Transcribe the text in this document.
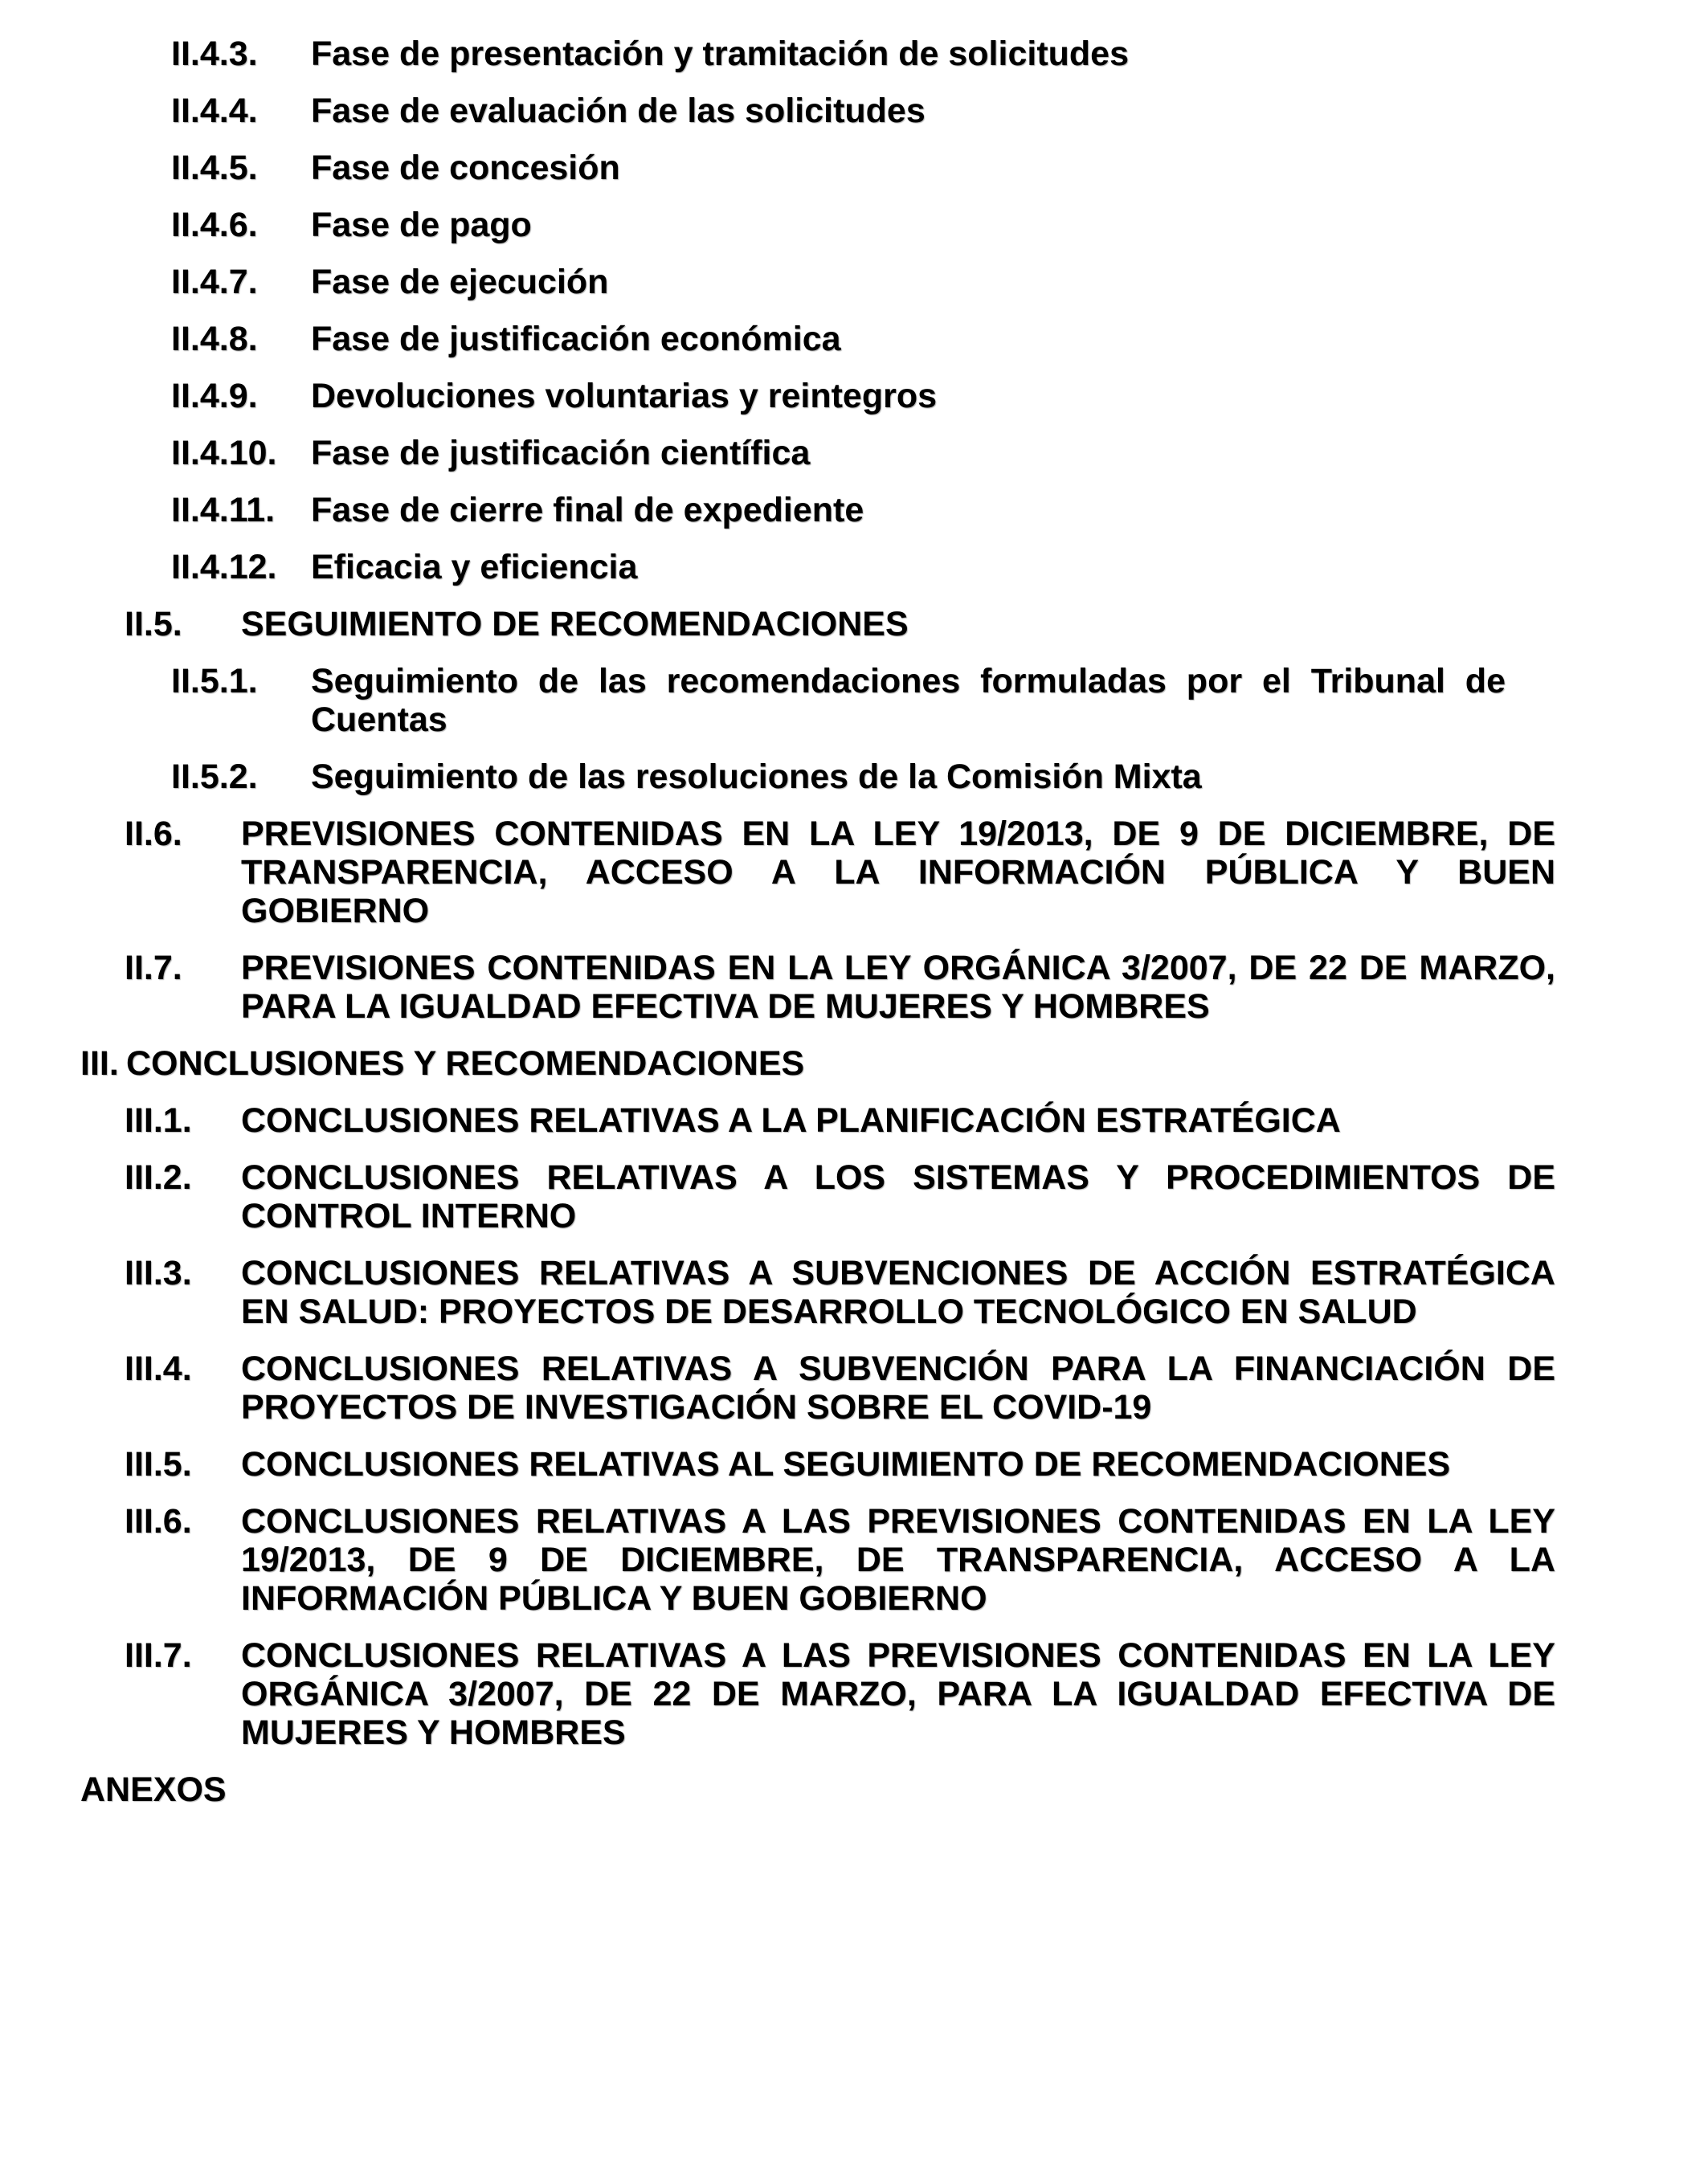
II.4.3. Fase de presentación y tramitación de solicitudes
II.4.4. Fase de evaluación de las solicitudes
II.4.5. Fase de concesión
II.4.6. Fase de pago
II.4.7. Fase de ejecución
II.4.8. Fase de justificación económica
II.4.9. Devoluciones voluntarias y reintegros
II.4.10. Fase de justificación científica
II.4.11. Fase de cierre final de expediente
II.4.12. Eficacia y eficiencia
II.5. SEGUIMIENTO DE RECOMENDACIONES
II.5.1. Seguimiento de las recomendaciones formuladas por el Tribunal de
Cuentas
II.5.2. Seguimiento de las resoluciones de la Comisión Mixta
II.6. PREVISIONES CONTENIDAS EN LA LEY 19/2013, DE 9 DE DICIEMBRE, DE
TRANSPARENCIA, ACCESO A LA INFORMACIÓN PÚBLICA Y BUEN
GOBIERNO
II.7. PREVISIONES CONTENIDAS EN LA LEY ORGÁNICA 3/2007, DE 22 DE MARZO,
PARA LA IGUALDAD EFECTIVA DE MUJERES Y HOMBRES
III. CONCLUSIONES Y RECOMENDACIONES
III.1. CONCLUSIONES RELATIVAS A LA PLANIFICACIÓN ESTRATÉGICA
III.2. CONCLUSIONES RELATIVAS A LOS SISTEMAS Y PROCEDIMIENTOS DE
CONTROL INTERNO
III.3. CONCLUSIONES RELATIVAS A SUBVENCIONES DE ACCIÓN ESTRATÉGICA
EN SALUD: PROYECTOS DE DESARROLLO TECNOLÓGICO EN SALUD
III.4. CONCLUSIONES RELATIVAS A SUBVENCIÓN PARA LA FINANCIACIÓN DE
PROYECTOS DE INVESTIGACIÓN SOBRE EL COVID-19
III.5. CONCLUSIONES RELATIVAS AL SEGUIMIENTO DE RECOMENDACIONES
III.6. CONCLUSIONES RELATIVAS A LAS PREVISIONES CONTENIDAS EN LA LEY
19/2013, DE 9 DE DICIEMBRE, DE TRANSPARENCIA, ACCESO A LA
INFORMACIÓN PÚBLICA Y BUEN GOBIERNO
III.7. CONCLUSIONES RELATIVAS A LAS PREVISIONES CONTENIDAS EN LA LEY
ORGÁNICA 3/2007, DE 22 DE MARZO, PARA LA IGUALDAD EFECTIVA DE
MUJERES Y HOMBRES
ANEXOS
